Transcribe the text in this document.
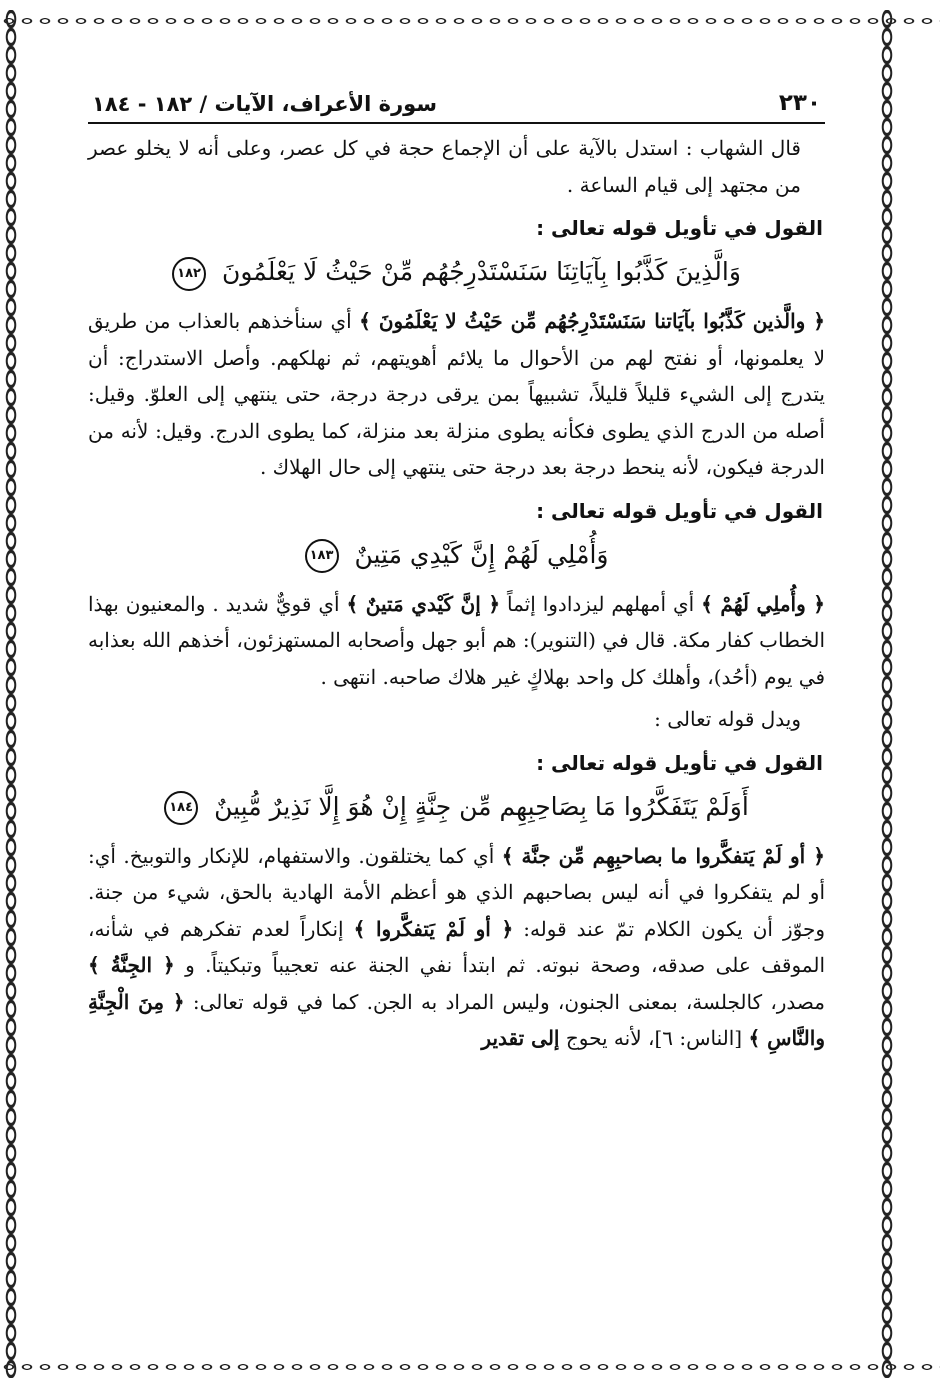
٢٣٠
سورة الأعراف، الآيات / ١٨٢ - ١٨٤

قال الشهاب : استدل بالآية على أن الإجماع حجة في كل عصر، وعلى أنه لا يخلو عصر من مجتهد إلى قيام الساعة .

القول في تأويل قوله تعالى :
وَالَّذِينَ كَذَّبُوا بِآيَاتِنَا سَنَسْتَدْرِجُهُم مِّنْ حَيْثُ لَا يَعْلَمُونَ ١٨٢

﴿ والَّذين كَذَّبُوا بآيَاتنا سَنَسْتَدْرِجُهُم مِّن حَيْثُ لا يَعْلَمُونَ ﴾ أي سنأخذهم بالعذاب من طريق لا يعلمونها، أو نفتح لهم من الأحوال ما يلائم أهويتهم، ثم نهلكهم. وأصل الاستدراج: أن يتدرج إلى الشيء قليلاً قليلاً، تشبيهاً بمن يرقى درجة درجة، حتى ينتهي إلى العلوّ. وقيل: أصله من الدرج الذي يطوى فكأنه يطوى منزلة بعد منزلة، كما يطوى الدرج. وقيل: لأنه من الدرجة فيكون، لأنه ينحط درجة بعد درجة حتى ينتهي إلى حال الهلاك .

القول في تأويل قوله تعالى :
وَأُمْلِي لَهُمْ إِنَّ كَيْدِي مَتِينٌ ١٨٣

﴿ وأُملِي لَهُمْ ﴾ أي أمهلهم ليزدادوا إثماً ﴿ إنَّ كَيْدي مَتينٌ ﴾ أي قويٌّ شديد . والمعنيون بهذا الخطاب كفار مكة. قال في (التنوير): هم أبو جهل وأصحابه المستهزئون، أخذهم الله بعذابه في يوم (أحُد)، وأهلك كل واحد بهلاكٍ غير هلاك صاحبه. انتهى .

ويدل قوله تعالى :

القول في تأويل قوله تعالى :
أَوَلَمْ يَتَفَكَّرُوا مَا بِصَاحِبِهِم مِّن جِنَّةٍ إِنْ هُوَ إِلَّا نَذِيرٌ مُّبِينٌ ١٨٤

﴿ أو لَمْ يَتفكَّروا ما بصاحبِهِم مِّن جنَّة ﴾ أي كما يختلقون. والاستفهام، للإنكار والتوبيخ. أي: أو لم يتفكروا في أنه ليس بصاحبهم الذي هو أعظم الأمة الهادية بالحق، شيء من جنة. وجوّز أن يكون الكلام تمّ عند قوله: ﴿ أو لَمْ يَتفكَّروا ﴾ إنكاراً لعدم تفكرهم في شأنه، الموقف على صدقه، وصحة نبوته. ثم ابتدأ نفي الجنة عنه تعجيباً وتبكيتاً. و ﴿ الجِنَّةُ ﴾ مصدر، كالجلسة، بمعنى الجنون، وليس المراد به الجن. كما في قوله تعالى: ﴿ مِنَ الْجِنَّةِ والنَّاسِ ﴾ [الناس: ٦]، لأنه يحوج إلى تقدير
